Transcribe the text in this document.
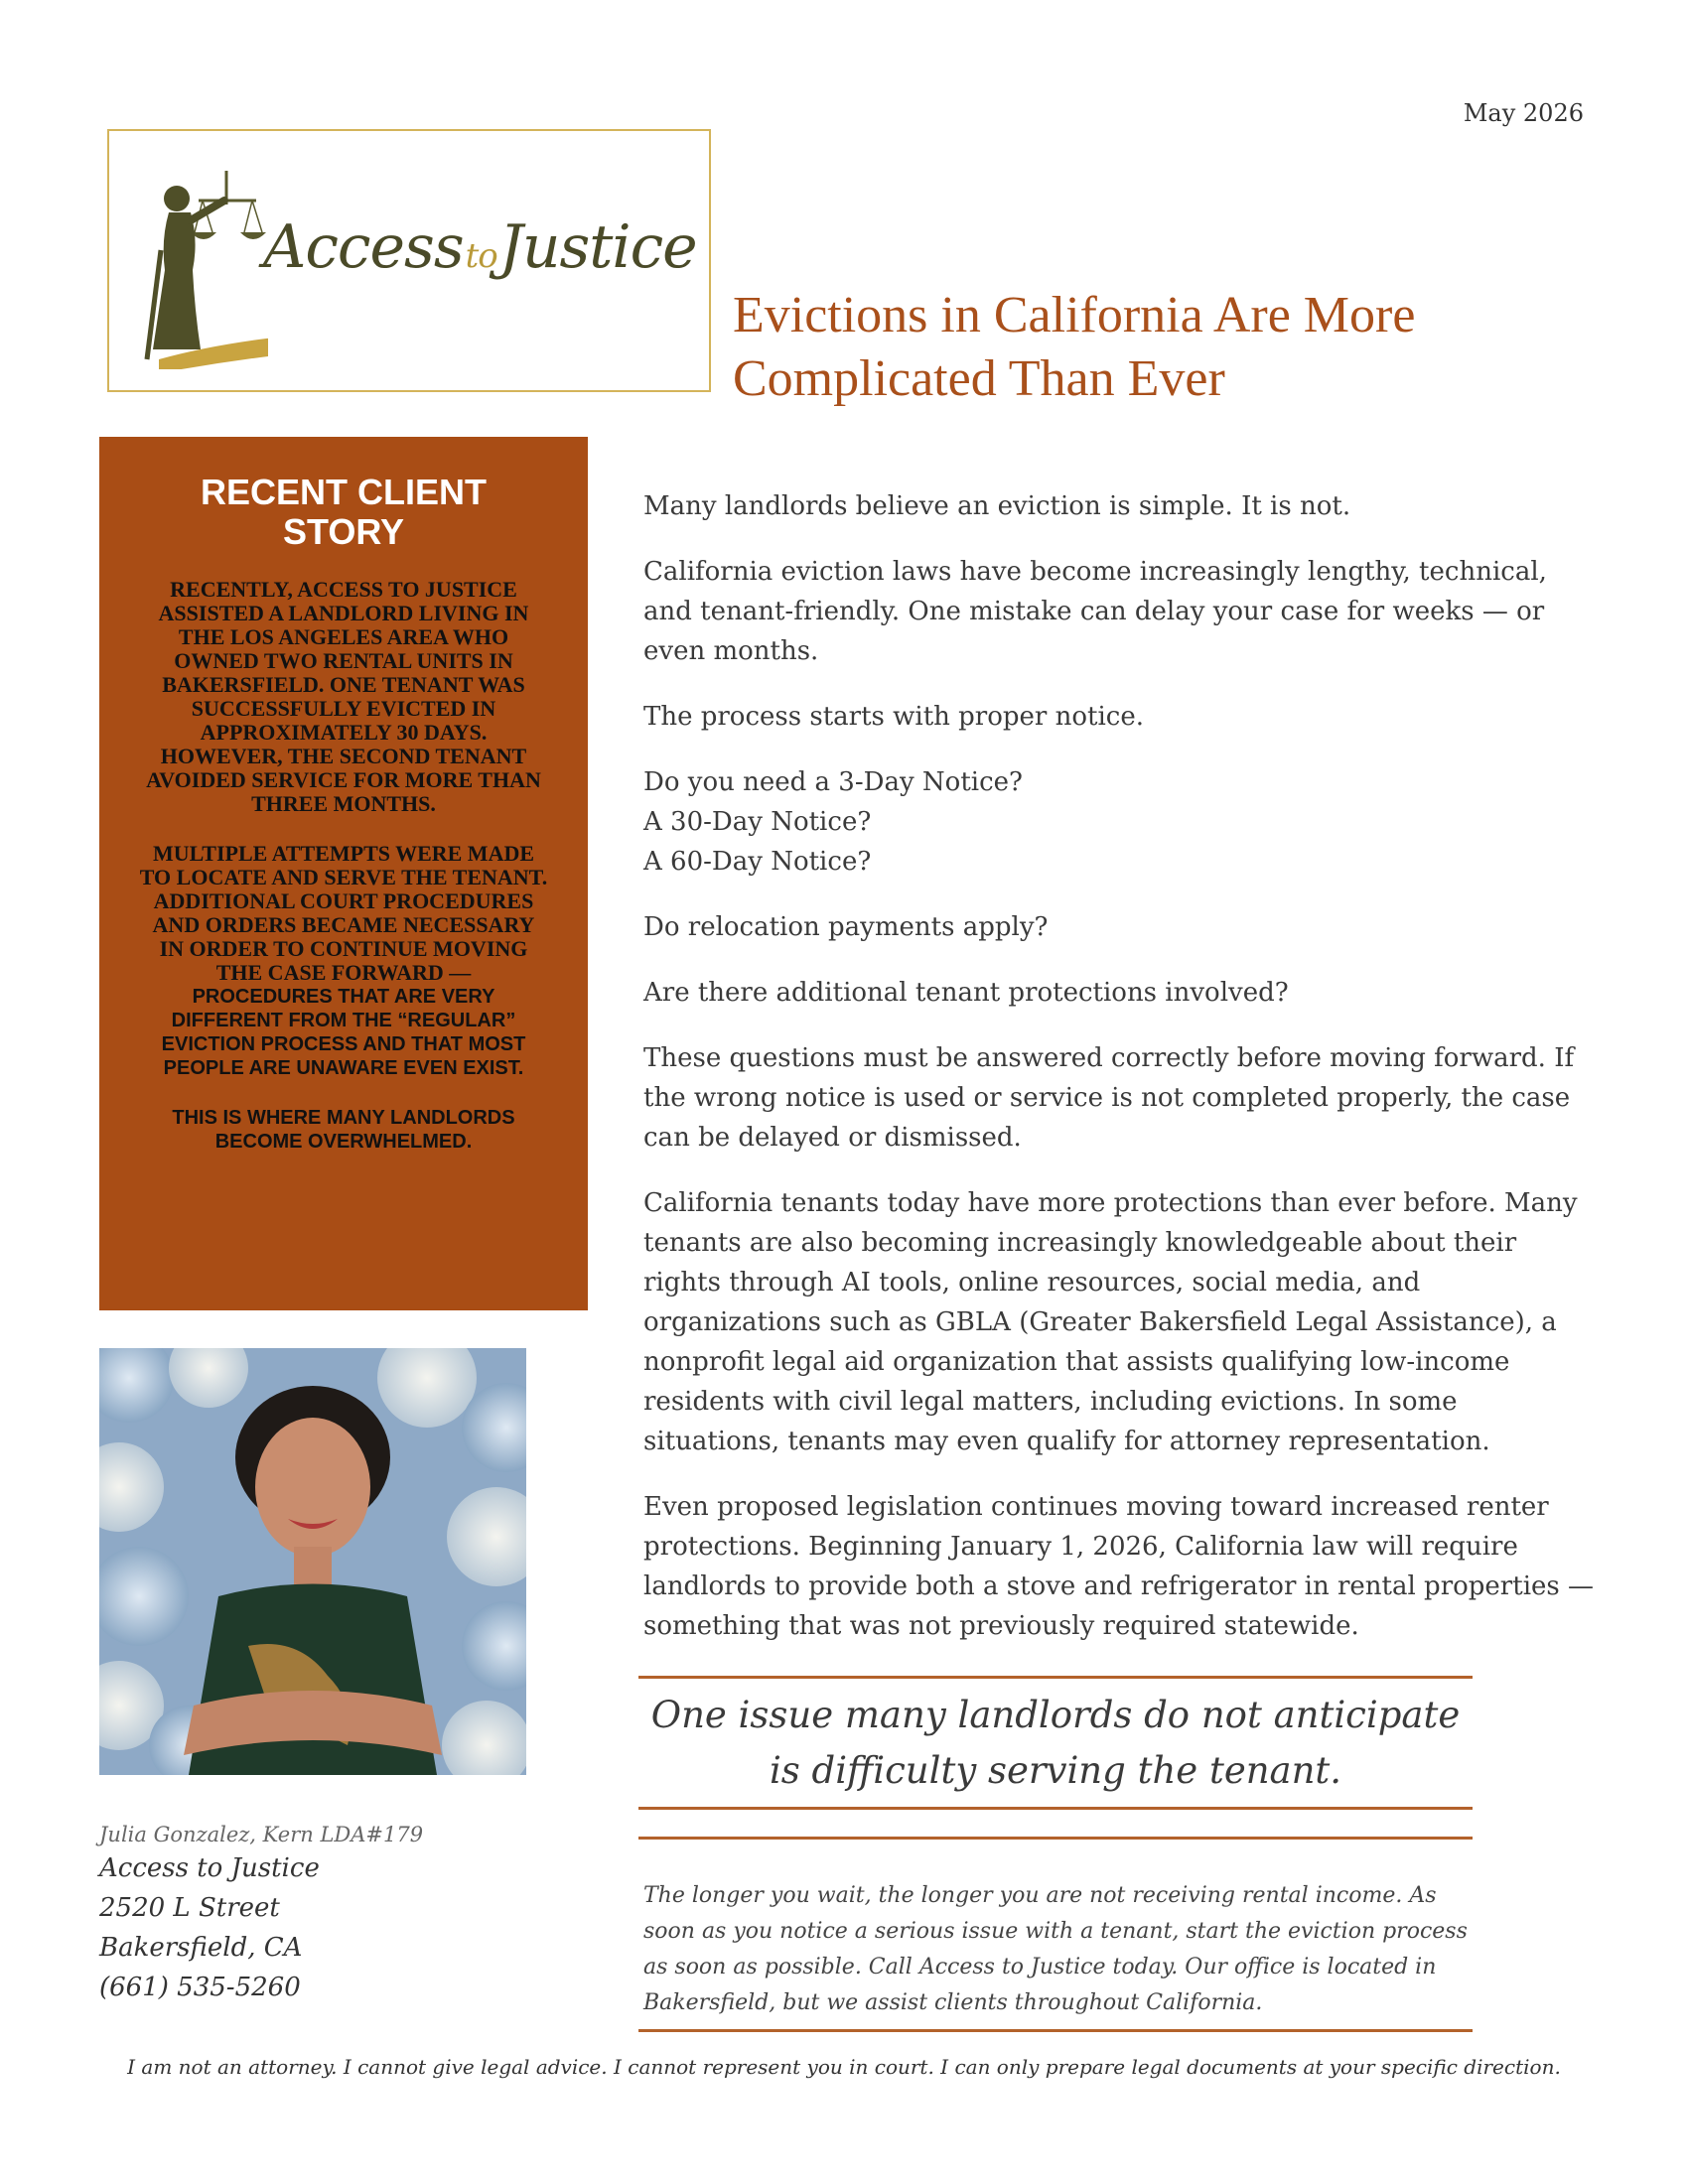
May 2026
AccesstoJustice
Evictions in California Are More Complicated Than Ever
RECENT CLIENT STORY

RECENTLY, ACCESS TO JUSTICE ASSISTED A LANDLORD LIVING IN THE LOS ANGELES AREA WHO OWNED TWO RENTAL UNITS IN BAKERSFIELD. ONE TENANT WAS SUCCESSFULLY EVICTED IN APPROXIMATELY 30 DAYS. HOWEVER, THE SECOND TENANT AVOIDED SERVICE FOR MORE THAN THREE MONTHS.

MULTIPLE ATTEMPTS WERE MADE TO LOCATE AND SERVE THE TENANT. ADDITIONAL COURT PROCEDURES AND ORDERS BECAME NECESSARY IN ORDER TO CONTINUE MOVING THE CASE FORWARD —

PROCEDURES THAT ARE VERY DIFFERENT FROM THE “REGULAR” EVICTION PROCESS AND THAT MOST PEOPLE ARE UNAWARE EVEN EXIST.

THIS IS WHERE MANY LANDLORDS BECOME OVERWHELMED.

Julia Gonzalez, Kern LDA#179

Access to Justice

2520 L Street

Bakersfield, CA

(661) 535-5260

Many landlords believe an eviction is simple. It is not.

California eviction laws have become increasingly lengthy, technical, and tenant-friendly. One mistake can delay your case for weeks — or even months.

The process starts with proper notice.

Do you need a 3-Day Notice?
A 30-Day Notice?
A 60-Day Notice?

Do relocation payments apply?

Are there additional tenant protections involved?

These questions must be answered correctly before moving forward. If the wrong notice is used or service is not completed properly, the case can be delayed or dismissed.

California tenants today have more protections than ever before. Many tenants are also becoming increasingly knowledgeable about their rights through AI tools, online resources, social media, and organizations such as GBLA (Greater Bakersfield Legal Assistance), a nonprofit legal aid organization that assists qualifying low-income residents with civil legal matters, including evictions. In some situations, tenants may even qualify for attorney representation.

Even proposed legislation continues moving toward increased renter protections. Beginning January 1, 2026, California law will require landlords to provide both a stove and refrigerator in rental properties — something that was not previously required statewide.

One issue many landlords do not anticipate is difficulty serving the tenant.

The longer you wait, the longer you are not receiving rental income. As soon as you notice a serious issue with a tenant, start the eviction process as soon as possible. Call Access to Justice today. Our office is located in Bakersfield, but we assist clients throughout California.

I am not an attorney. I cannot give legal advice. I cannot represent you in court. I can only prepare legal documents at your specific direction.
